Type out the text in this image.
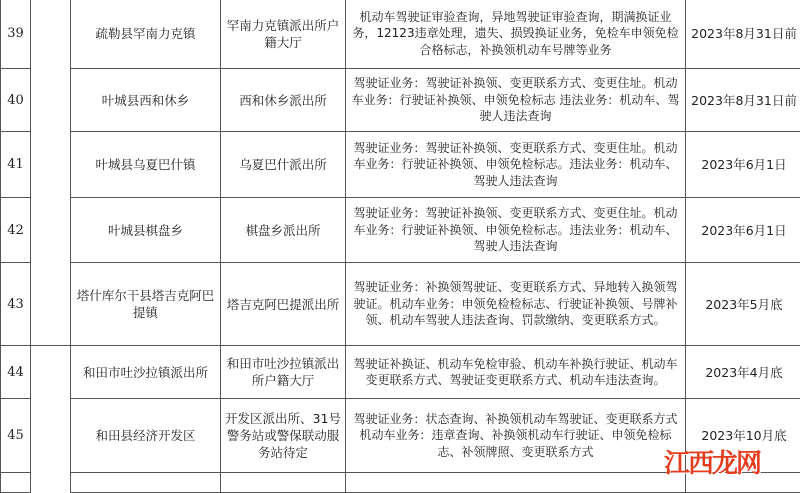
39		疏勒县罕南力克镇	罕南力克镇派出所户籍大厅	机动车驾驶证审验查询，异地驾驶证审验查询，期满换证业务，12123违章处理，遗失、损毁换证业务，免检车申领免检合格标志，补换领机动车号牌等业务	2023年8月31日前
40		叶城县西和休乡	西和休乡派出所	驾驶证业务：驾驶证补换领、变更联系方式、变更住址。机动车业务：行驶证补换领、申领免检标志 违法业务：机动车、驾驶人违法查询	2023年8月31日前
41		叶城县乌夏巴什镇	乌夏巴什派出所	驾驶证业务：驾驶证补换领、变更联系方式、变更住址。机动车业务：行驶证补换领、申领免检标志。违法业务：机动车、驾驶人违法查询	2023年6月1日
42		叶城县棋盘乡	棋盘乡派出所	驾驶证业务：驾驶证补换领、变更联系方式、变更住址。机动车业务：行驶证补换领、申领免检标志。违法业务：机动车、驾驶人违法查询	2023年6月1日
43		塔什库尔干县塔吉克阿巴提镇	塔吉克阿巴提派出所	驾驶证业务：补换领驾驶证、变更联系方式、异地转入换领驾驶证。机动车业务：申领免检检标志、行驶证补换领、号牌补领、机动车驾驶人违法查询、罚款缴纳、变更联系方式。	2023年5月底
44		和田市吐沙拉镇派出所	和田市吐沙拉镇派出所户籍大厅	驾驶证补换证、机动车免检审验、机动车补换行驶证、机动车变更联系方式、驾驶证变更联系方式、机动车违法查询。	2023年4月底
45		和田县经济开发区	开发区派出所、31号警务站或警保联动服务站待定	驾驶证业务：状态查询、补换领机动车驾驶证、变更联系方式 机动车业务：违章查询、补换领机动车行驶证、申领免检标志、补领牌照、变更联系方式	2023年10月底

江西龙网
